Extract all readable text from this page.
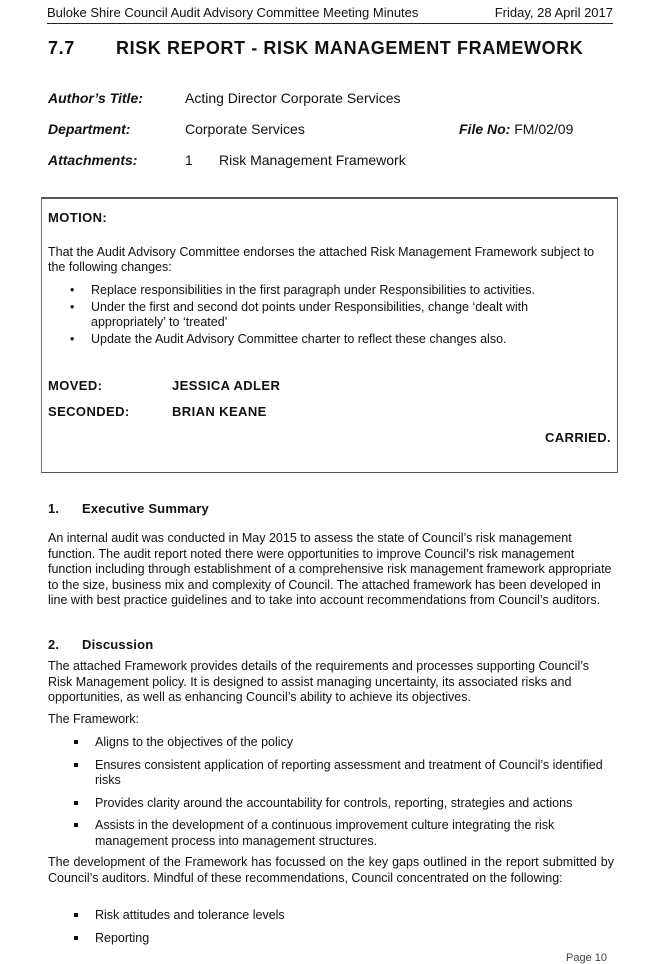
Buloke Shire Council Audit Advisory Committee Meeting Minutes	Friday, 28 April 2017
7.7 RISK REPORT - RISK MANAGEMENT FRAMEWORK
Author’s Title:	Acting Director Corporate Services
Department:	Corporate Services	File No: FM/02/09
Attachments:	1 Risk Management Framework
MOTION:
That the Audit Advisory Committee endorses the attached Risk Management Framework subject to the following changes:
• Replace responsibilities in the first paragraph under Responsibilities to activities.
• Under the first and second dot points under Responsibilities, change ‘dealt with appropriately’ to ‘treated’
• Update the Audit Advisory Committee charter to reflect these changes also.
MOVED:	JESSICA ADLER
SECONDED:	BRIAN KEANE
CARRIED.
1. Executive Summary
An internal audit was conducted in May 2015 to assess the state of Council’s risk management function. The audit report noted there were opportunities to improve Council’s risk management function including through establishment of a comprehensive risk management framework appropriate to the size, business mix and complexity of Council. The attached framework has been developed in line with best practice guidelines and to take into account recommendations from Council’s auditors.
2. Discussion
The attached Framework provides details of the requirements and processes supporting Council’s Risk Management policy. It is designed to assist managing uncertainty, its associated risks and opportunities, as well as enhancing Council’s ability to achieve its objectives.
The Framework:
Aligns to the objectives of the policy
Ensures consistent application of reporting assessment and treatment of Council’s identified risks
Provides clarity around the accountability for controls, reporting, strategies and actions
Assists in the development of a continuous improvement culture integrating the risk management process into management structures.
The development of the Framework has focussed on the key gaps outlined in the report submitted by Council’s auditors. Mindful of these recommendations, Council concentrated on the following:
Risk attitudes and tolerance levels
Reporting
Page 10
